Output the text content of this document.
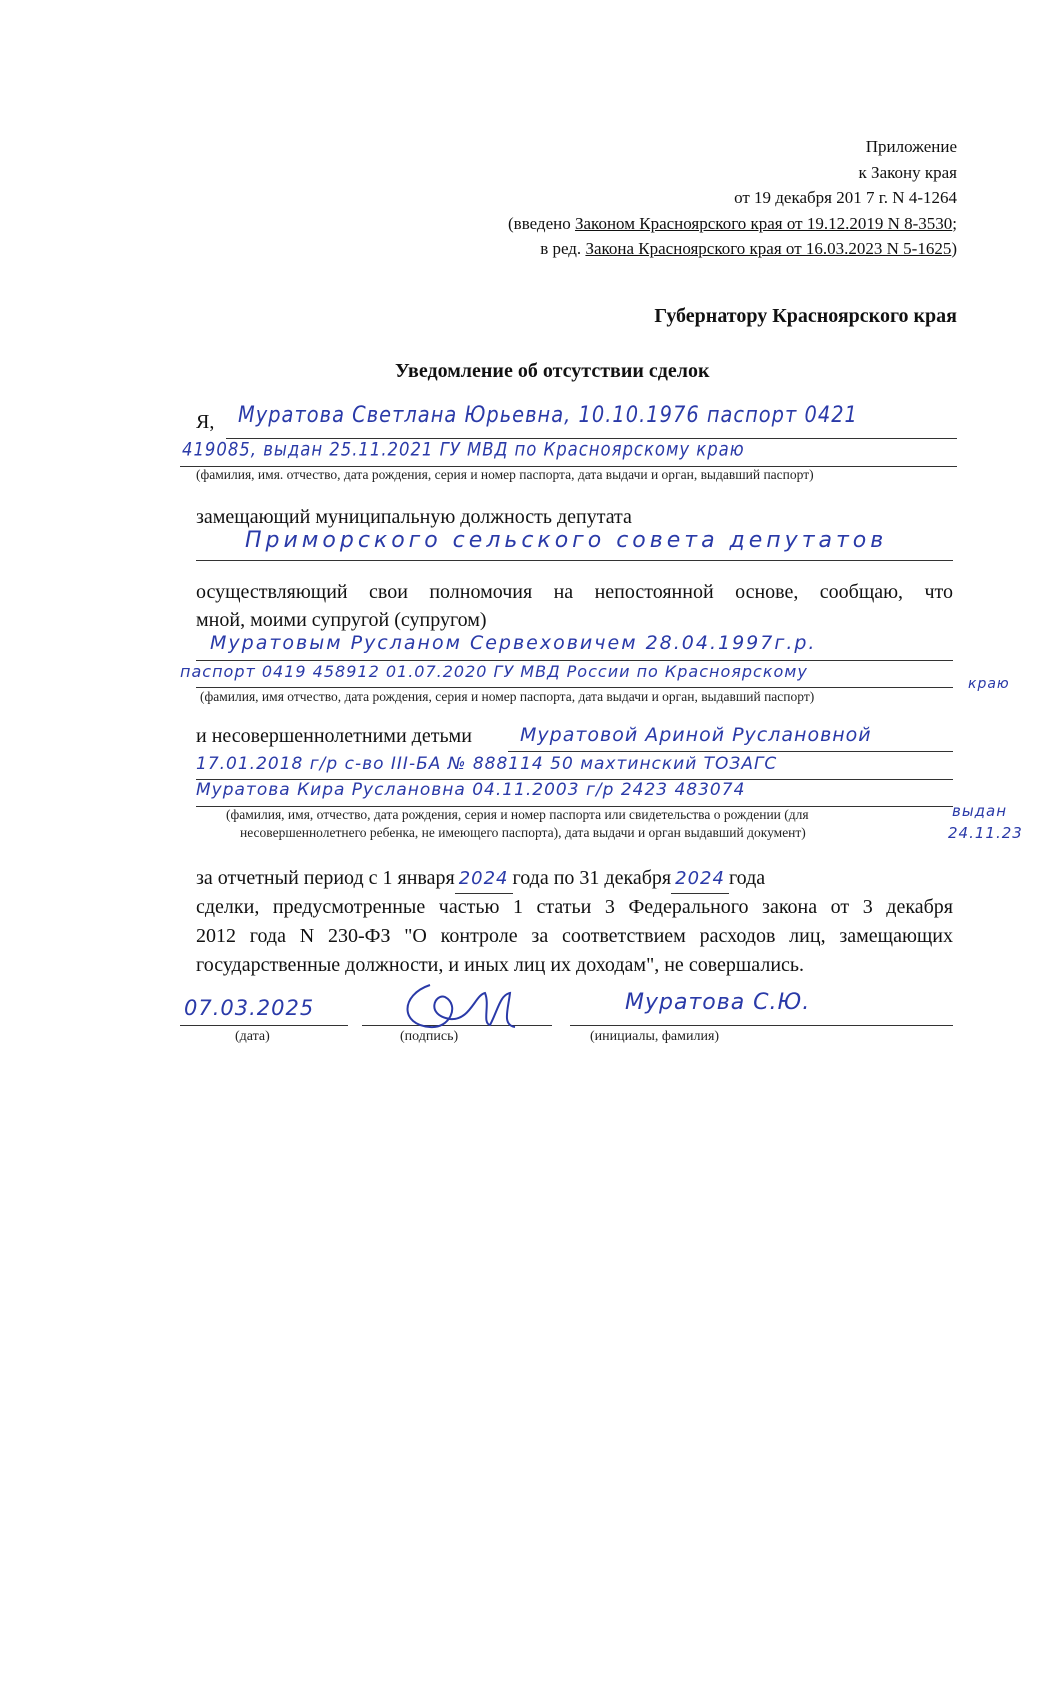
Приложение
к Закону края
от 19 декабря 201 7 г. N 4-1264
(введено Законом Красноярского края от 19.12.2019 N 8-3530;
в ред. Закона Красноярского края от 16.03.2023 N 5-1625)
Губернатору Красноярского края
Уведомление об отсутствии сделок
Я, Муратова Светлана Юрьевна, 10.10.1976 паспорт 0421
419085, выдан 25.11.2021 ГУ МВД по Красноярскому краю
(фамилия, имя. отчество, дата рождения, серия и номер паспорта, дата выдачи и орган, выдавший паспорт)
замещающий муниципальную должность депутата
Приморского сельского совета депутатов
осуществляющий свои полномочия на непостоянной основе, сообщаю, что
мной, моими супругой (супругом)
Муратовым Русланом Сервеховичем 28.04.1997г.р.
паспорт 0419 458912 01.07.2020 ГУ МВД России по Красноярскому
краю
(фамилия, имя отчество, дата рождения, серия и номер паспорта, дата выдачи и орган, выдавший паспорт)
и несовершеннолетними детьми	Муратовой Ариной Руслановной
17.01.2018 г/р с-во III-БА № 888114 50 махтинский ТОЗАГС
Муратова Кира Руслановна 04.11.2003 г/р 2423 483074
выдан
24.11.23
(фамилия, имя, отчество, дата рождения, серия и номер паспорта или свидетельства о рождении (для
несовершеннолетнего ребенка, не имеющего паспорта), дата выдачи и орган выдавший документ)
за отчетный период с 1 января 2024 года по 31 декабря 2024 года
сделки, предусмотренные частью 1 статьи 3 Федерального закона от 3 декабря
2012 года N 230-ФЗ "О контроле за соответствием расходов лиц, замещающих
государственные должности, и иных лиц их доходам", не совершались.
07.03.2025
(дата)	(подпись)
Муратова С.Ю.
(инициалы, фамилия)
